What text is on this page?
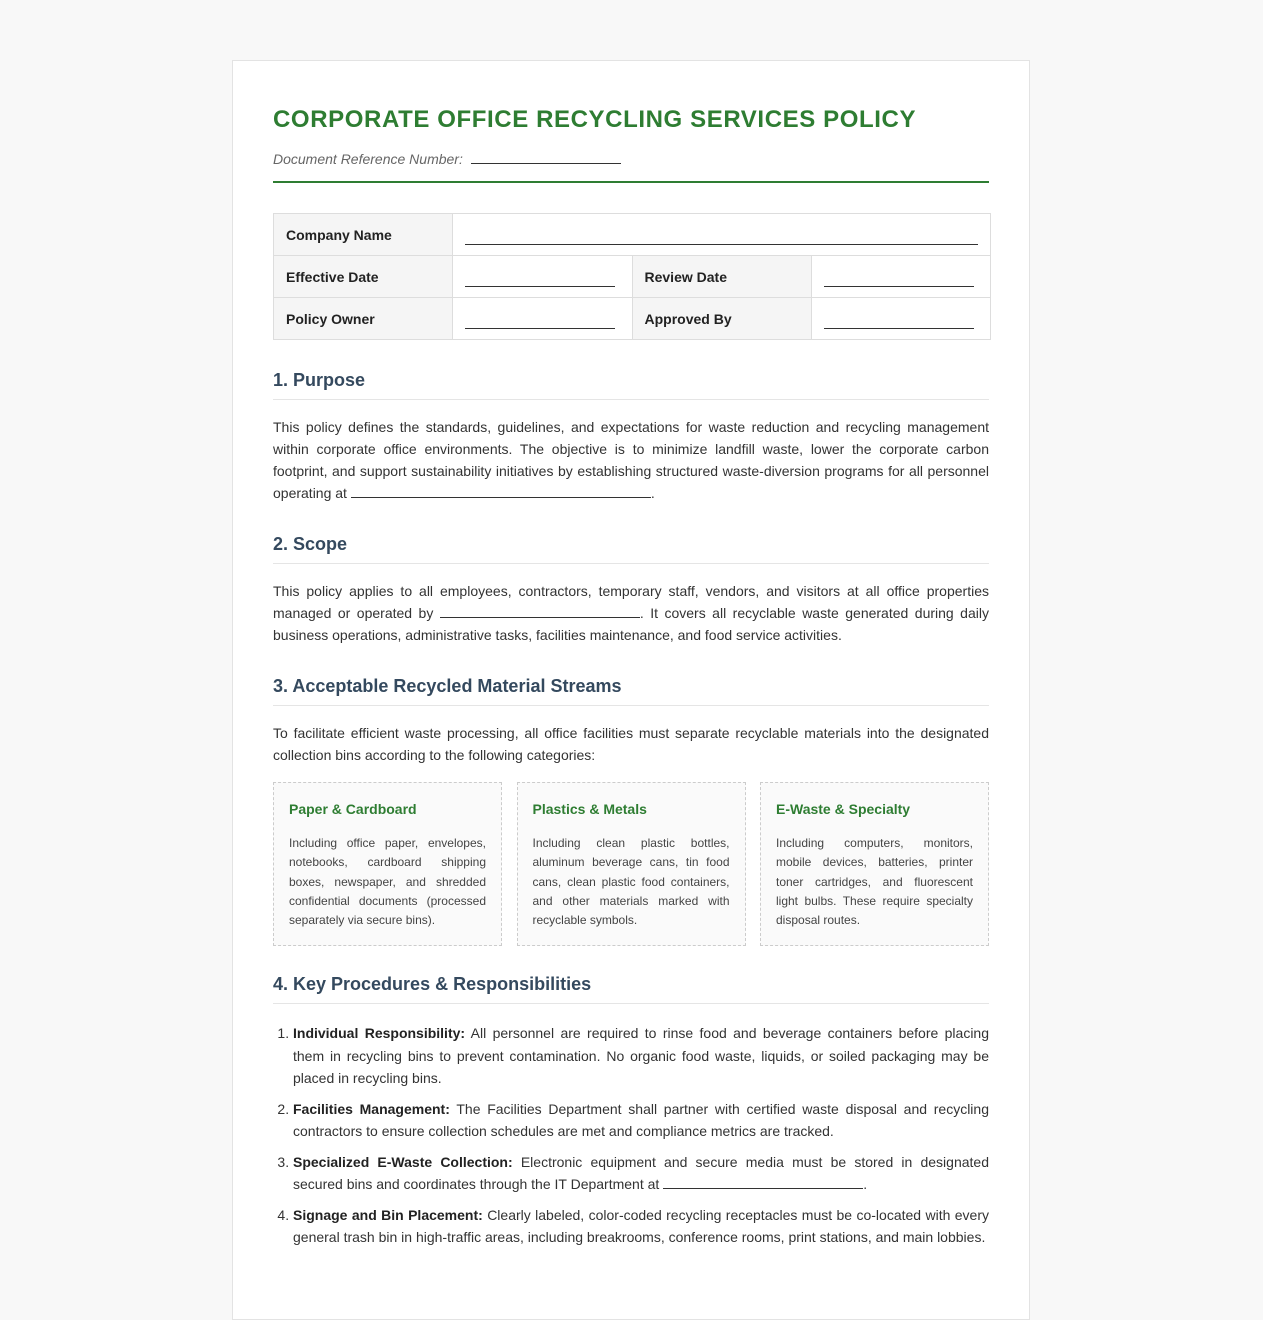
CORPORATE OFFICE RECYCLING SERVICES POLICY
Document Reference Number:
Company Name			

Effective Date		Review Date	

Policy Owner		Approved By	
1. Purpose

This policy defines the standards, guidelines, and expectations for waste reduction and recycling management within corporate office environments. The objective is to minimize landfill waste, lower the corporate carbon footprint, and support sustainability initiatives by establishing structured waste-diversion programs for all personnel operating at	.

2. Scope

This policy applies to all employees, contractors, temporary staff, vendors, and visitors at all office properties managed or operated by	. It covers all recyclable waste generated during daily business operations, administrative tasks, facilities maintenance, and food service activities.

3. Acceptable Recycled Material Streams

To facilitate efficient waste processing, all office facilities must separate recyclable materials into the designated collection bins according to the following categories:

Paper & Cardboard

Including office paper, envelopes, notebooks, cardboard shipping boxes, newspaper, and shredded confidential documents (processed separately via secure bins).

Plastics & Metals

Including clean plastic bottles, aluminum beverage cans, tin food cans, clean plastic food containers, and other materials marked with recyclable symbols.

E-Waste & Specialty

Including computers, monitors, mobile devices, batteries, printer toner cartridges, and fluorescent light bulbs. These require specialty disposal routes.

4. Key Procedures & Responsibilities
1. Individual Responsibility: All personnel are required to rinse food and beverage containers before placing them in recycling bins to prevent contamination. No organic food waste, liquids, or soiled packaging may be placed in recycling bins.
2. Facilities Management: The Facilities Department shall partner with certified waste disposal and recycling contractors to ensure collection schedules are met and compliance metrics are tracked.
3. Specialized E-Waste Collection: Electronic equipment and secure media must be stored in designated secured bins and coordinates through the IT Department at	.
4. Signage and Bin Placement: Clearly labeled, color-coded recycling receptacles must be co-located with every general trash bin in high-traffic areas, including breakrooms, conference rooms, print stations, and main lobbies.
